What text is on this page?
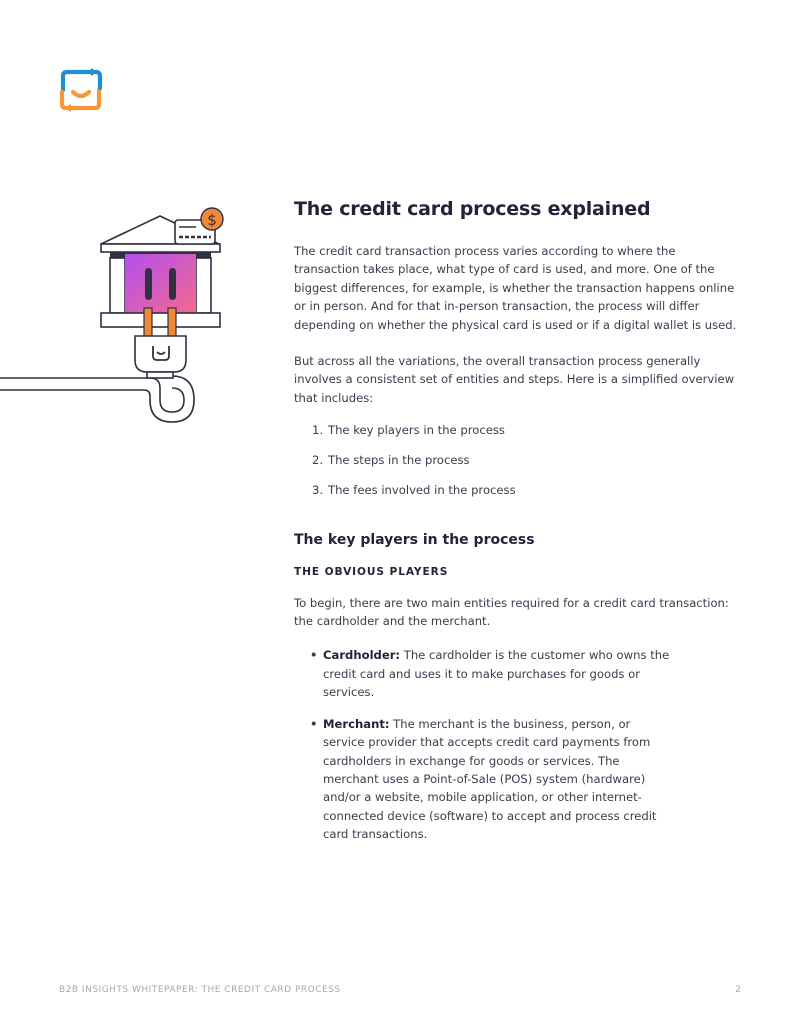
$	The credit card process explained

The credit card transaction process varies according to where the transaction takes place, what type of card is used, and more. One of the biggest differences, for example, is whether the transaction happens online or in person. And for that in-person transaction, the process will differ depending on whether the physical card is used or if a digital wallet is used.

But across all the variations, the overall transaction process generally involves a consistent set of entities and steps. Here is a simplified overview that includes:

1. The key players in the process
2. The steps in the process
3. The fees involved in the process
The key players in the process
THE OBVIOUS PLAYERS

To begin, there are two main entities required for a credit card transaction: the cardholder and the merchant.

• Cardholder: The cardholder is the customer who owns the credit card and uses it to make purchases for goods or services.
• Merchant: The merchant is the business, person, or service provider that accepts credit card payments from cardholders in exchange for goods or services. The merchant uses a Point-of-Sale (POS) system (hardware) and/or a website, mobile application, or other internet-connected device (software) to accept and process credit card transactions.
B2B INSIGHTS WHITEPAPER: THE CREDIT CARD PROCESS	2
